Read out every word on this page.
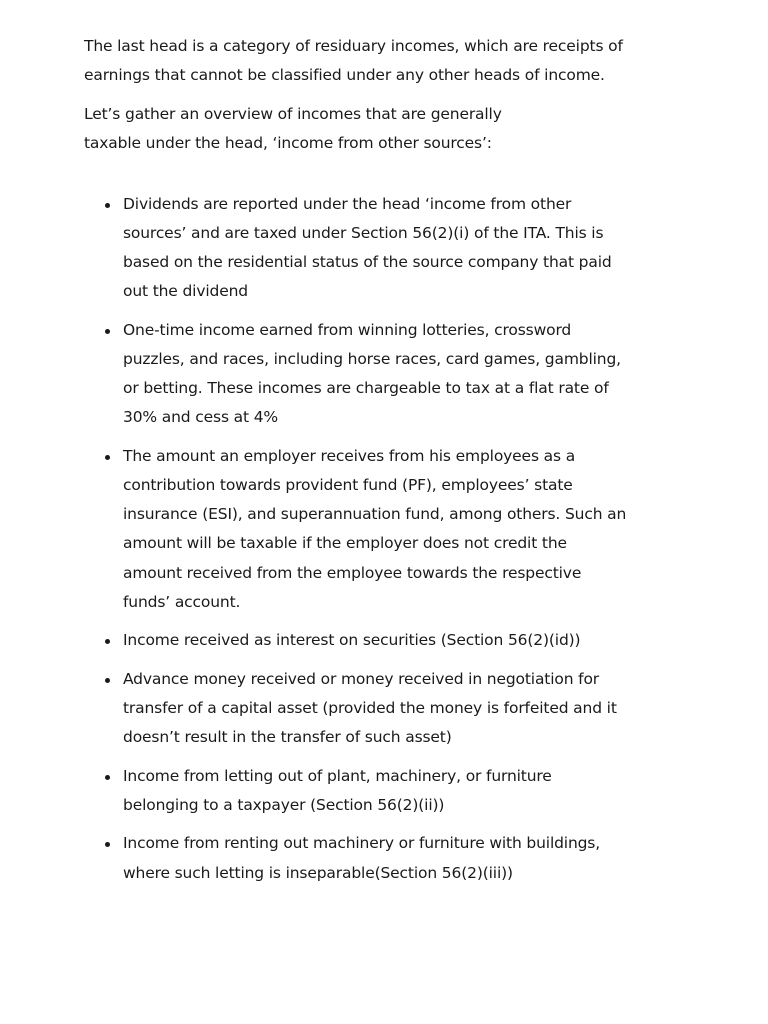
The last head is a category of residuary incomes, which are receipts of earnings that cannot be classified under any other heads of income.

Let’s gather an overview of incomes that are generally
taxable under the head, ‘income from other sources’:

Dividends are reported under the head ‘income from other sources’ and are taxed under Section 56(2)(i) of the ITA. This is based on the residential status of the source company that paid out the dividend
One-time income earned from winning lotteries, crossword puzzles, and races, including horse races, card games, gambling, or betting. These incomes are chargeable to tax at a flat rate of 30% and cess at 4%
The amount an employer receives from his employees as a contribution towards provident fund (PF), employees’ state insurance (ESI), and superannuation fund, among others. Such an amount will be taxable if the employer does not credit the amount received from the employee towards the respective funds’ account.
Income received as interest on securities (Section 56(2)(id))
Advance money received or money received in negotiation for transfer of a capital asset (provided the money is forfeited and it doesn’t result in the transfer of such asset)
Income from letting out of plant, machinery, or furniture belonging to a taxpayer (Section 56(2)(ii))
Income from renting out machinery or furniture with buildings, where such letting is inseparable(Section 56(2)(iii))
